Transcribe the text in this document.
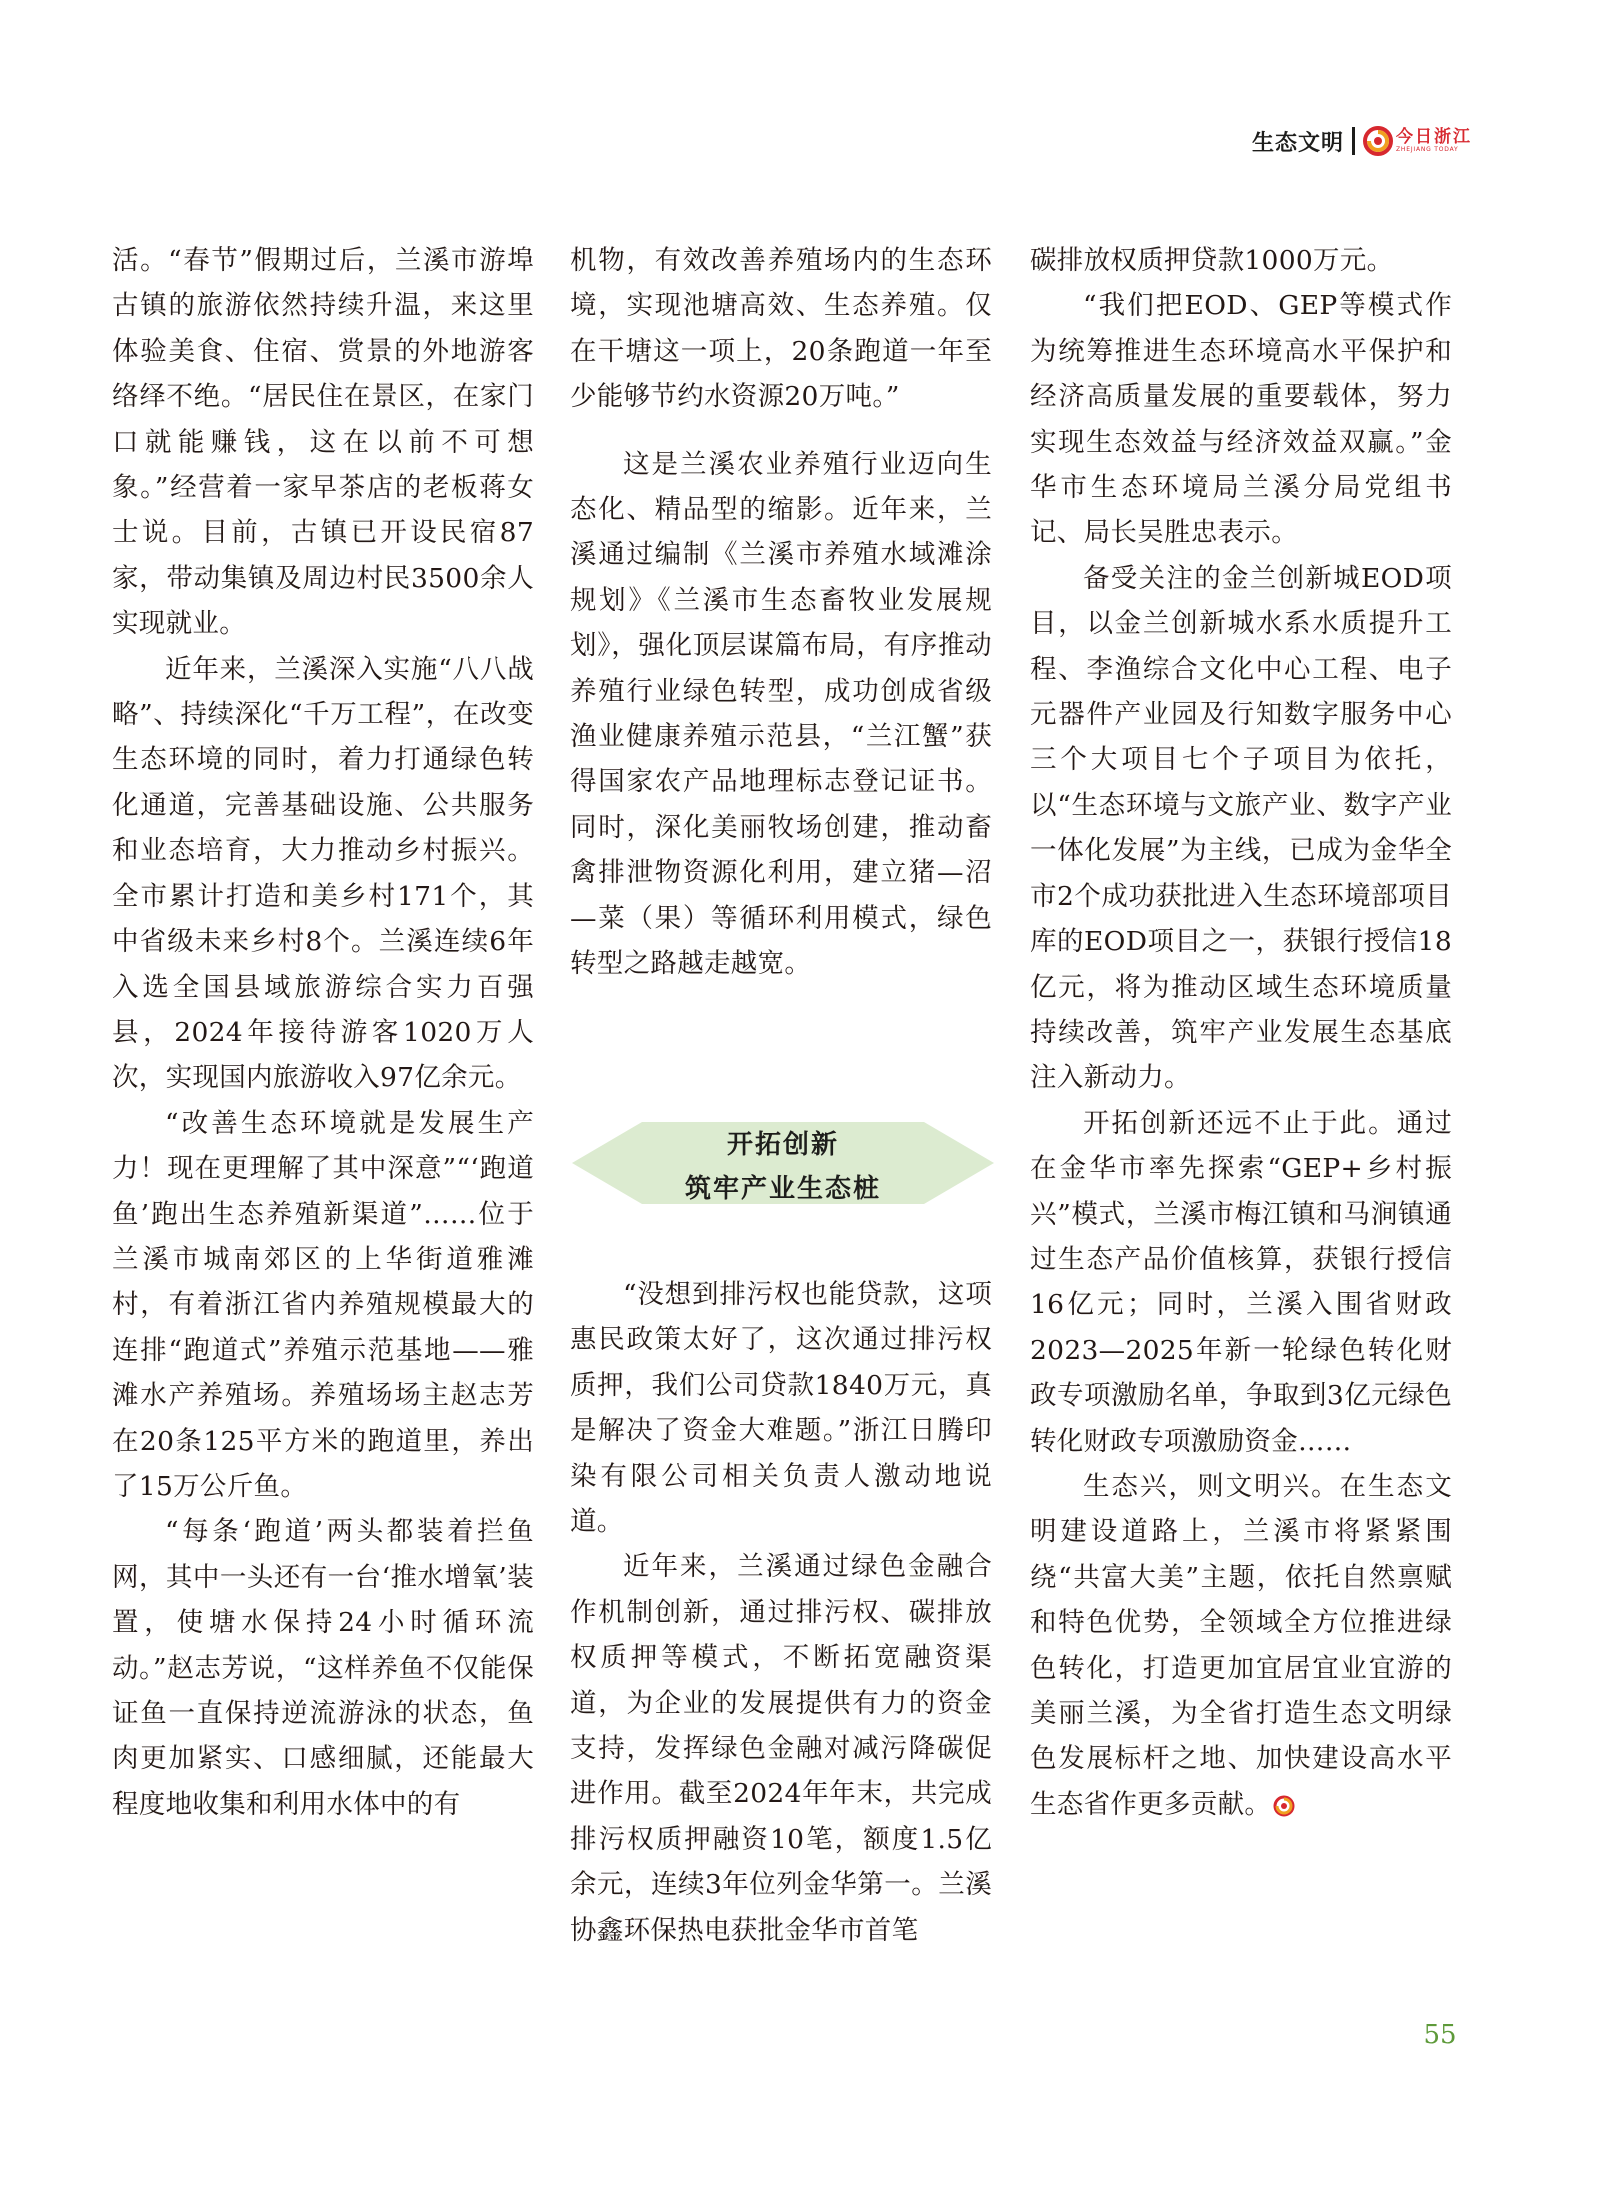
生态文明	今日浙江
ZHEJIANG TODAY

活。“春节”假期过后，兰溪市游埠古镇的旅游依然持续升温，来这里体验美食、住宿、赏景的外地游客络绎不绝。“居民住在景区，在家门口就能赚钱，这在以前不可想象。”经营着一家早茶店的老板蒋女士说。目前，古镇已开设民宿87家，带动集镇及周边村民3500余人实现就业。

近年来，兰溪深入实施“八八战略”、持续深化“千万工程”，在改变生态环境的同时，着力打通绿色转化通道，完善基础设施、公共服务和业态培育，大力推动乡村振兴。全市累计打造和美乡村171个，其中省级未来乡村8个。兰溪连续6年入选全国县域旅游综合实力百强县，2024年接待游客1020万人次，实现国内旅游收入97亿余元。

“改善生态环境就是发展生产力！现在更理解了其中深意”“‘跑道鱼’跑出生态养殖新渠道”……位于兰溪市城南郊区的上华街道雅滩村，有着浙江省内养殖规模最大的连排“跑道式”养殖示范基地——雅滩水产养殖场。养殖场场主赵志芳在20条125平方米的跑道里，养出了15万公斤鱼。

“每条‘跑道’两头都装着拦鱼网，其中一头还有一台‘推水增氧’装置，使塘水保持24小时循环流动。”赵志芳说，“这样养鱼不仅能保证鱼一直保持逆流游泳的状态，鱼肉更加紧实、口感细腻，还能最大程度地收集和利用水体中的有

机物，有效改善养殖场内的生态环境，实现池塘高效、生态养殖。仅在干塘这一项上，20条跑道一年至少能够节约水资源20万吨。”

这是兰溪农业养殖行业迈向生态化、精品型的缩影。近年来，兰溪通过编制《兰溪市养殖水域滩涂规划》《兰溪市生态畜牧业发展规划》，强化顶层谋篇布局，有序推动养殖行业绿色转型，成功创成省级渔业健康养殖示范县，“兰江蟹”获得国家农产品地理标志登记证书。同时，深化美丽牧场创建，推动畜禽排泄物资源化利用，建立猪—沼—菜（果）等循环利用模式，绿色转型之路越走越宽。

开拓创新
筑牢产业生态桩

“没想到排污权也能贷款，这项惠民政策太好了，这次通过排污权质押，我们公司贷款1840万元，真是解决了资金大难题。”浙江日腾印染有限公司相关负责人激动地说道。

近年来，兰溪通过绿色金融合作机制创新，通过排污权、碳排放权质押等模式，不断拓宽融资渠道，为企业的发展提供有力的资金支持，发挥绿色金融对减污降碳促进作用。截至2024年年末，共完成排污权质押融资10笔，额度1.5亿余元，连续3年位列金华第一。兰溪协鑫环保热电获批金华市首笔

碳排放权质押贷款1000万元。

“我们把EOD、GEP等模式作为统筹推进生态环境高水平保护和经济高质量发展的重要载体，努力实现生态效益与经济效益双赢。”金华市生态环境局兰溪分局党组书记、局长吴胜忠表示。

备受关注的金兰创新城EOD项目，以金兰创新城水系水质提升工程、李渔综合文化中心工程、电子元器件产业园及行知数字服务中心三个大项目七个子项目为依托，以“生态环境与文旅产业、数字产业一体化发展”为主线，已成为金华全市2个成功获批进入生态环境部项目库的EOD项目之一，获银行授信18亿元，将为推动区域生态环境质量持续改善，筑牢产业发展生态基底注入新动力。

开拓创新还远不止于此。通过在金华市率先探索“GEP+乡村振兴”模式，兰溪市梅江镇和马涧镇通过生态产品价值核算，获银行授信16亿元；同时，兰溪入围省财政2023—2025年新一轮绿色转化财政专项激励名单，争取到3亿元绿色转化财政专项激励资金……

生态兴，则文明兴。在生态文明建设道路上，兰溪市将紧紧围绕“共富大美”主题，依托自然禀赋和特色优势，全领域全方位推进绿色转化，打造更加宜居宜业宜游的美丽兰溪，为全省打造生态文明绿色发展标杆之地、加快建设高水平生态省作更多贡献。

55
